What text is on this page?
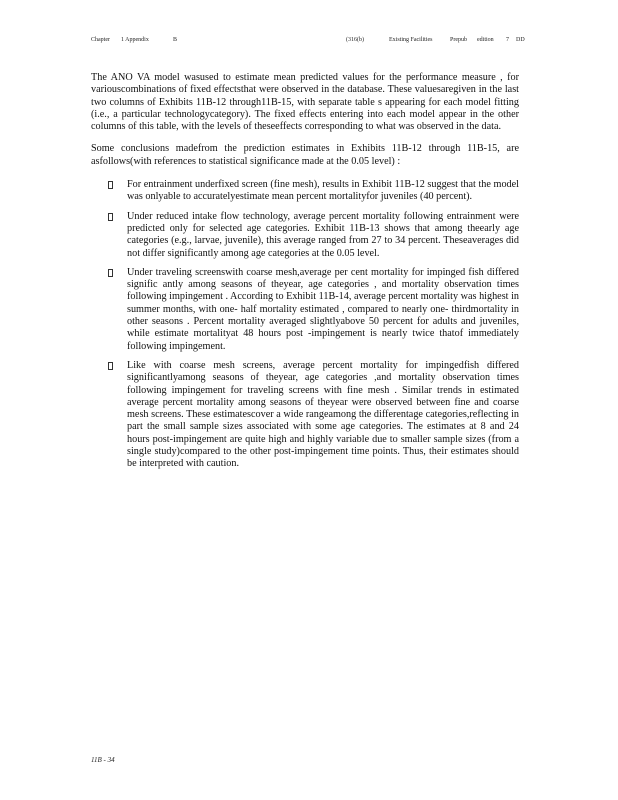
Chapter 1 Appendix	B	(316(b)	Existing Facilities	Prepub edition 7 DD

The ANO VA model wasused to estimate mean predicted values for the performance measure , for variouscombinations of fixed effectsthat were observed in the database. These valuesaregiven in the last two columns of Exhibits 11B-12 through11B-15, with separate table s appearing for each model fitting (i.e., a particular technologycategory). The fixed effects entering into each model appear in the other columns of this table, with the levels of theseeffects corresponding to what was observed in the data.

Some conclusions madefrom the prediction estimates in Exhibits 11B-12 through 11B-15, are asfollows(with references to statistical significance made at the 0.05 level) :

For entrainment underfixed screen (fine mesh), results in Exhibit 11B-12 suggest that the model was onlyable to accuratelyestimate mean percent mortalityfor juveniles (40 percent).
Under reduced intake flow technology, average percent mortality following entrainment were predicted only for selected age categories. Exhibit 11B-13 shows that among theearly age categories (e.g., larvae, juvenile), this average ranged from 27 to 34 percent. Theseaverages did not differ significantly among age categories at the 0.05 level.
Under traveling screenswith coarse mesh,average per cent mortality for impinged fish differed signific antly among seasons of theyear, age categories , and mortality observation times following impingement . According to Exhibit 11B-14, average percent mortality was highest in summer months, with one- half mortality estimated , compared to nearly one- thirdmortality in other seasons . Percent mortality averaged slightlyabove 50 percent for adults and juveniles, while estimate mortalityat 48 hours post -impingement is nearly twice thatof immediately following impingement.
Like with coarse mesh screens, average percent mortality for impingedfish differed significantlyamong seasons of theyear, age categories ,and mortality observation times following impingement for traveling screens with fine mesh . Similar trends in estimated average percent mortality among seasons of theyear were observed between fine and coarse mesh screens. These estimatescover a wide rangeamong the differentage categories,reflecting in part the small sample sizes associated with some age categories. The estimates at 8 and 24 hours post-impingement are quite high and highly variable due to smaller sample sizes (from a single study)compared to the other post-impingement time points. Thus, their estimates should be interpreted with caution.
11B - 34
